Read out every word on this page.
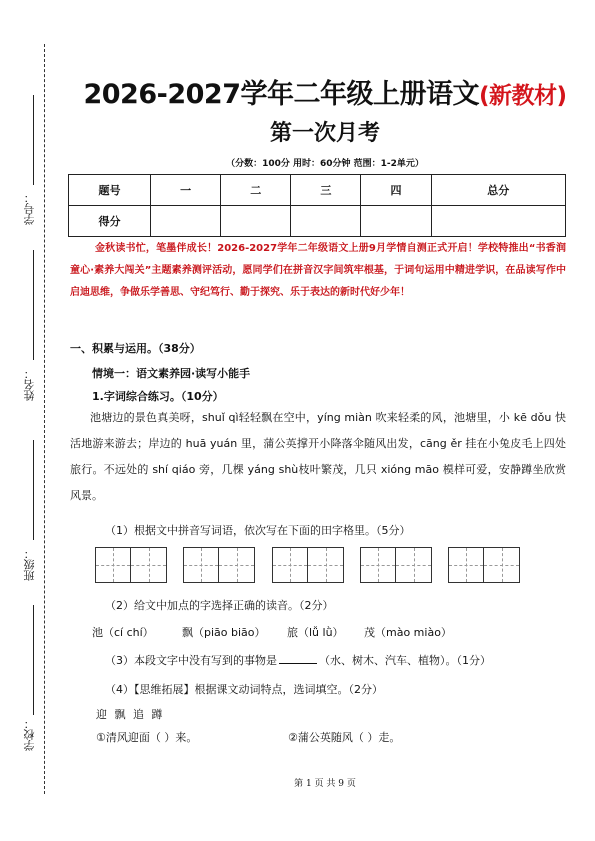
学号：
姓名：
班级：
学校：
2026-2027学年二年级上册语文(新教材)
第一次月考
（分数：100分 用时：60分钟 范围：1-2单元）
题号	一	二	三	四	总分
得分					

金秋读书忙，笔墨伴成长！2026-2027学年二年级语文上册9月学情自测正式开启！学校特推出“书香润童心·素养大闯关”主题素养测评活动，愿同学们在拼音汉字间筑牢根基，于词句运用中精进学识，在品读写作中启迪思维，争做乐学善思、守纪笃行、勤于探究、乐于表达的新时代好少年！

一、积累与运用。（38分）
情境一：语文素养园·读写小能手
1.字词综合练习。（10分）
池塘边的景色真美呀，shuǐ qì轻轻飘在空中，yíng miàn 吹来轻柔的风，池塘里，小 kē dǒu 快活地游来游去；岸边的 huā yuán 里，蒲公英撑开小降落伞随风出发，cāng ěr 挂在小兔皮毛上四处旅行。不远处的 shí qiáo 旁，几棵 yáng shù枝叶繁茂，几只 xióng māo 模样可爱，安静蹲坐欣赏风景。
（1）根据文中拼音写词语，依次写在下面的田字格里。（5分）
（2）给文中加点的字选择正确的读音。（2分）
池（cí chí）	飘（piāo biāo） 旅（lǚ lǜ） 茂（mào miào）
（3）本段文字中没有写到的事物是	（水、树木、汽车、植物）。（1分）
（4）【思维拓展】根据课文动词特点，选词填空。（2分）
迎 飘 追 蹲
①清风迎面（ ）来。	②蒲公英随风（ ）走。
第 1 页 共 9 页
